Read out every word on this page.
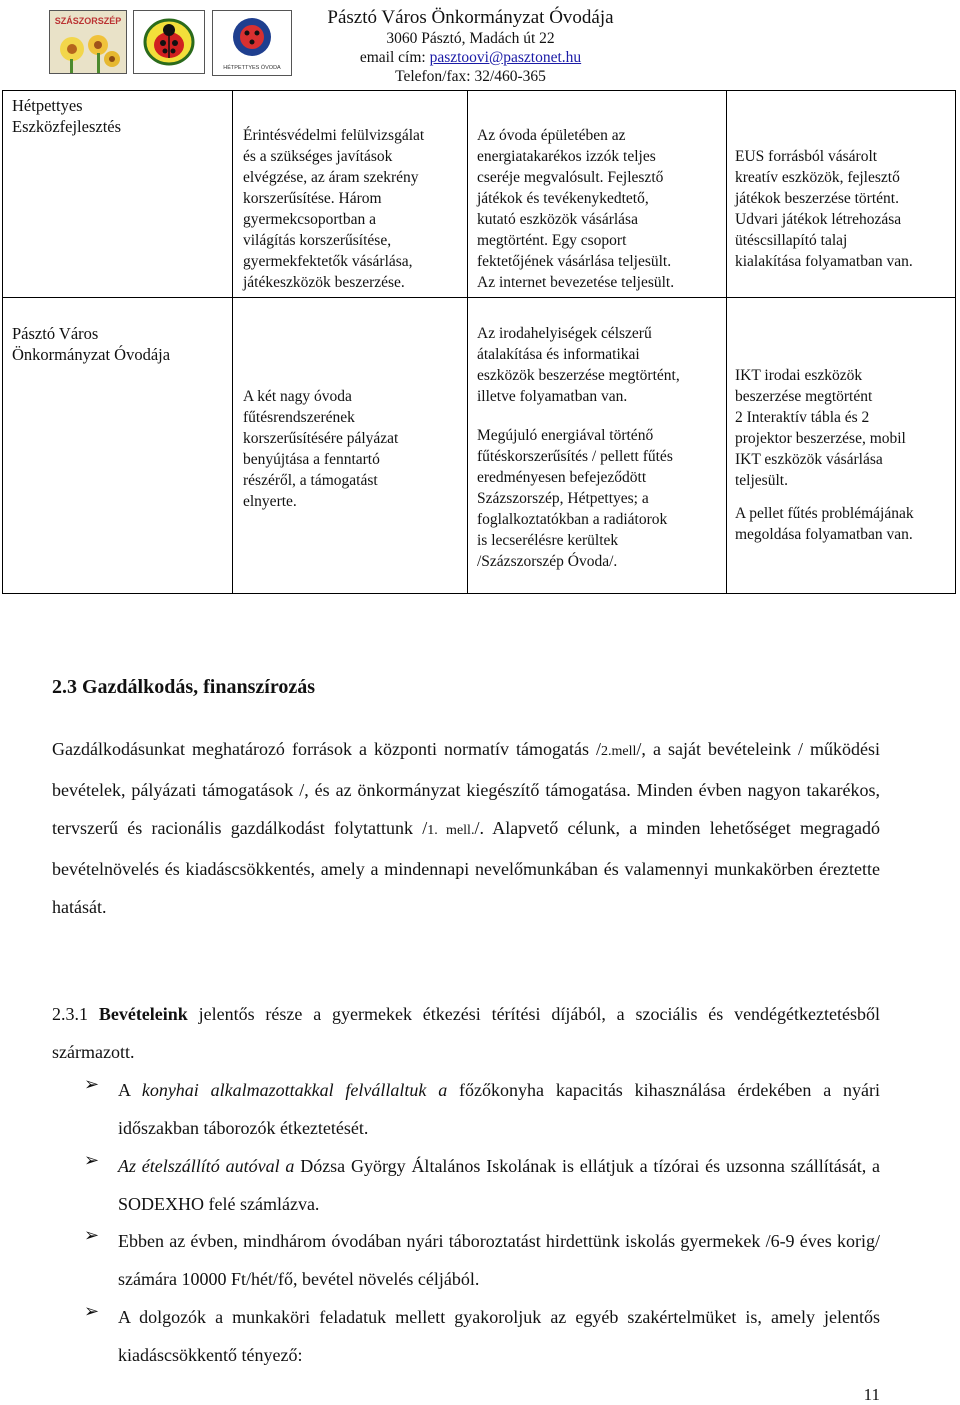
SZÁSZORSZÉP
HÉTPETTYES ÓVODA
Pásztó Város Önkormányzat Óvodája
3060 Pásztó, Madách út 22
email cím: pasztoovi@pasztonet.hu
Telefon/fax: 32/460-365

Hétpettyes

Eszközfejlesztés	Érintésvédelmi felülvizsgálat

és a szükséges javítások

elvégzése, az áram szekrény

korszerűsítése. Három

gyermekcsoportban a

világítás korszerűsítése,

gyermekfektetők vásárlása,

játékeszközök beszerzése.

Az óvoda épületében az

energiatakarékos izzók teljes

cseréje megvalósult. Fejlesztő

játékok és tevékenykedtető,

kutató eszközök vásárlása

megtörtént. Egy csoport

fektetőjének vásárlása teljesült.

Az internet bevezetése teljesült.

EUS forrásból vásárolt

kreatív eszközök, fejlesztő

játékok beszerzése történt.

Udvari játékok létrehozása

ütéscsillapító talaj

kialakítása folyamatban van.

Pásztó Város

Önkormányzat Óvodája

A két nagy óvoda

fűtésrendszerének

korszerűsítésére pályázat

benyújtása a fenntartó

részéről, a támogatást

elnyerte.

Az irodahelyiségek célszerű

átalakítása és informatikai

eszközök beszerzése megtörtént,

illetve folyamatban van.

Megújuló energiával történő

fűtéskorszerűsítés / pellett fűtés

eredményesen befejeződött

Százszorszép, Hétpettyes; a

foglalkoztatókban a radiátorok

is lecserélésre kerültek

/Százszorszép Óvoda/.

IKT irodai eszközök

beszerzése megtörtént

2 Interaktív tábla és 2

projektor beszerzése, mobil

IKT eszközök vásárlása

teljesült.

A pellet fűtés problémájának

megoldása folyamatban van.

2.3 Gazdálkodás, finanszírozás

Gazdálkodásunkat meghatározó források a központi normatív támogatás /2.mell/, a saját bevételeink / működési bevételek, pályázati támogatások /, és az önkormányzat kiegészítő támogatása. Minden évben nagyon takarékos, tervszerű és racionális gazdálkodást folytattunk /1. mell./. Alapvető célunk, a minden lehetőséget megragadó bevételnövelés és kiadáscsökkentés, amely a mindennapi nevelőmunkában és valamennyi munkakörben éreztette hatását.

2.3.1 Bevételeink jelentős része a gyermekek étkezési térítési díjából, a szociális és vendégétkeztetésből származott.

➢ A konyhai alkalmazottakkal felvállaltuk a főzőkonyha kapacitás kihasználása érdekében a nyári időszakban táborozók étkeztetését.

➢ Az ételszállító autóval a Dózsa György Általános Iskolának is ellátjuk a tízórai és uzsonna szállítását, a SODEXHO felé számlázva.

➢ Ebben az évben, mindhárom óvodában nyári táboroztatást hirdettünk iskolás gyermekek /6-9 éves korig/ számára 10000 Ft/hét/fő, bevétel növelés céljából.

➢ A dolgozók a munkaköri feladatuk mellett gyakoroljuk az egyéb szakértelmüket is, amely jelentős kiadáscsökkentő tényező:

11
